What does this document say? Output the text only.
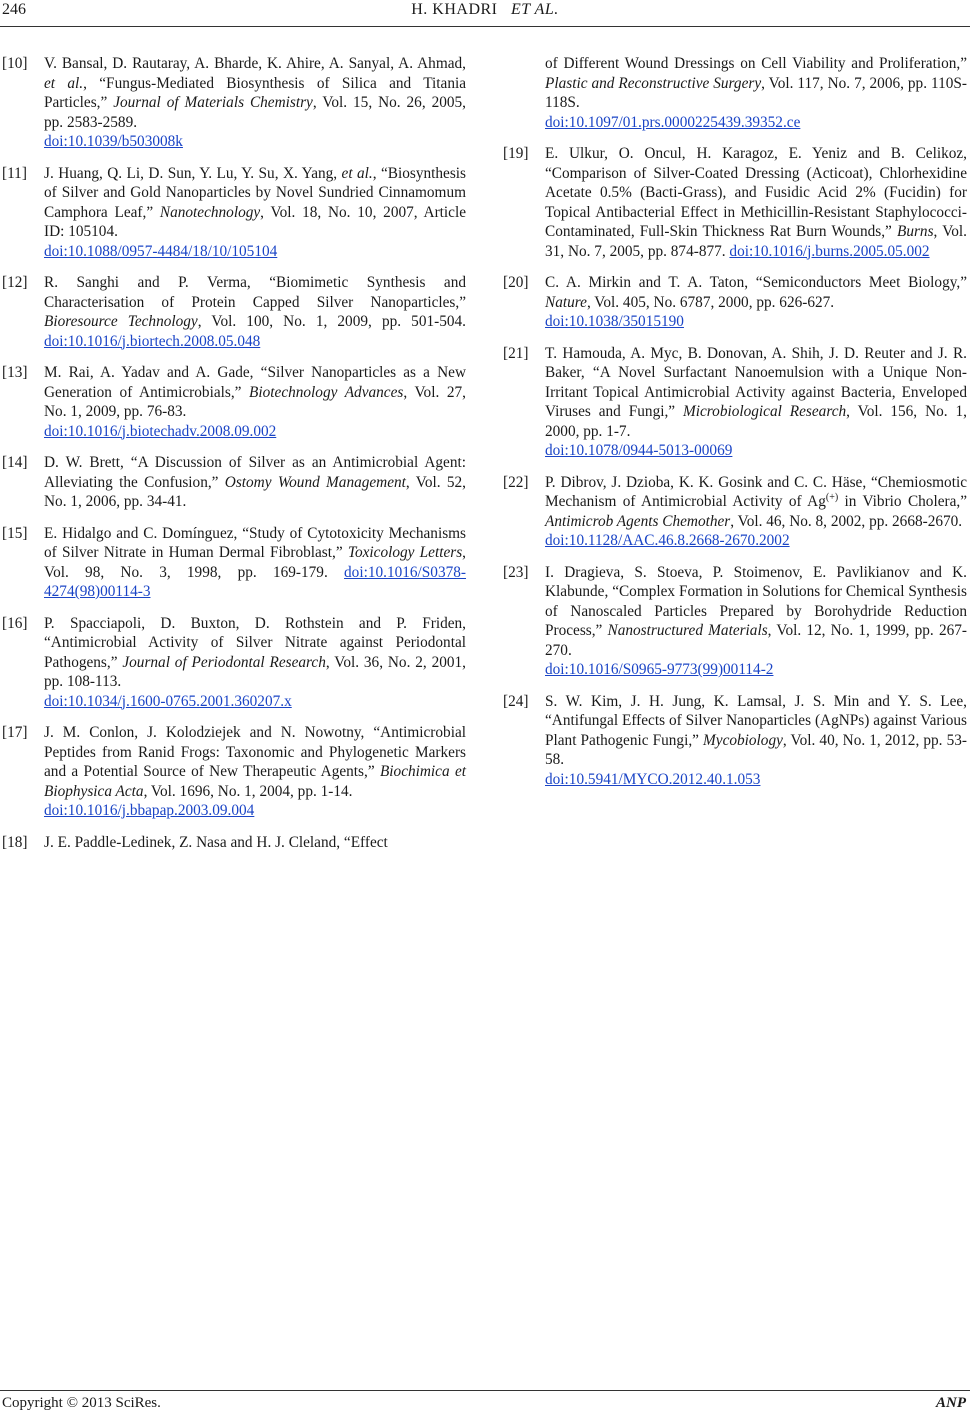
246	H. KHADRI ET AL.
[10]	V. Bansal, D. Rautaray, A. Bharde, K. Ahire, A. Sanyal, A. Ahmad, et al., “Fungus-Mediated Biosynthesis of Silica and Titania Particles,” Journal of Materials Chemistry, Vol. 15, No. 26, 2005, pp. 2583-2589.
doi:10.1039/b503008k
[11]	J. Huang, Q. Li, D. Sun, Y. Lu, Y. Su, X. Yang, et al., “Biosynthesis of Silver and Gold Nanoparticles by Novel Sundried Cinnamomum Camphora Leaf,” Nanotechnology, Vol. 18, No. 10, 2007, Article ID: 105104.
doi:10.1088/0957-4484/18/10/105104
[12]	R. Sanghi and P. Verma, “Biomimetic Synthesis and Characterisation of Protein Capped Silver Nanoparticles,” Bioresource Technology, Vol. 100, No. 1, 2009, pp. 501-504. doi:10.1016/j.biortech.2008.05.048
[13]	M. Rai, A. Yadav and A. Gade, “Silver Nanoparticles as a New Generation of Antimicrobials,” Biotechnology Advances, Vol. 27, No. 1, 2009, pp. 76-83.
doi:10.1016/j.biotechadv.2008.09.002
[14]	D. W. Brett, “A Discussion of Silver as an Antimicrobial Agent: Alleviating the Confusion,” Ostomy Wound Management, Vol. 52, No. 1, 2006, pp. 34-41.
[15]	E. Hidalgo and C. Domínguez, “Study of Cytotoxicity Mechanisms of Silver Nitrate in Human Dermal Fibroblast,” Toxicology Letters, Vol. 98, No. 3, 1998, pp. 169-179. doi:10.1016/S0378-4274(98)00114-3
[16]	P. Spacciapoli, D. Buxton, D. Rothstein and P. Friden, “Antimicrobial Activity of Silver Nitrate against Periodontal Pathogens,” Journal of Periodontal Research, Vol. 36, No. 2, 2001, pp. 108-113.
doi:10.1034/j.1600-0765.2001.360207.x
[17]	J. M. Conlon, J. Kolodziejek and N. Nowotny, “Antimicrobial Peptides from Ranid Frogs: Taxonomic and Phylogenetic Markers and a Potential Source of New Therapeutic Agents,” Biochimica et Biophysica Acta, Vol. 1696, No. 1, 2004, pp. 1-14.
doi:10.1016/j.bbapap.2003.09.004
[18]	J. E. Paddle-Ledinek, Z. Nasa and H. J. Cleland, “Effect
of Different Wound Dressings on Cell Viability and Proliferation,” Plastic and Reconstructive Surgery, Vol. 117, No. 7, 2006, pp. 110S-118S.
doi:10.1097/01.prs.0000225439.39352.ce
[19]	E. Ulkur, O. Oncul, H. Karagoz, E. Yeniz and B. Celikoz, “Comparison of Silver-Coated Dressing (Acticoat), Chlorhexidine Acetate 0.5% (Bacti-Grass), and Fusidic Acid 2% (Fucidin) for Topical Antibacterial Effect in Methicillin-Resistant Staphylococci-Contaminated, Full-Skin Thickness Rat Burn Wounds,” Burns, Vol. 31, No. 7, 2005, pp. 874-877. doi:10.1016/j.burns.2005.05.002
[20]	C. A. Mirkin and T. A. Taton, “Semiconductors Meet Biology,” Nature, Vol. 405, No. 6787, 2000, pp. 626-627.
doi:10.1038/35015190
[21]	T. Hamouda, A. Myc, B. Donovan, A. Shih, J. D. Reuter and J. R. Baker, “A Novel Surfactant Nanoemulsion with a Unique Non-Irritant Topical Antimicrobial Activity against Bacteria, Enveloped Viruses and Fungi,” Microbiological Research, Vol. 156, No. 1, 2000, pp. 1-7.
doi:10.1078/0944-5013-00069
[22]	P. Dibrov, J. Dzioba, K. K. Gosink and C. C. Häse, “Chemiosmotic Mechanism of Antimicrobial Activity of Ag(+) in Vibrio Cholera,” Antimicrob Agents Chemother, Vol. 46, No. 8, 2002, pp. 2668-2670.
doi:10.1128/AAC.46.8.2668-2670.2002
[23]	I. Dragieva, S. Stoeva, P. Stoimenov, E. Pavlikianov and K. Klabunde, “Complex Formation in Solutions for Chemical Synthesis of Nanoscaled Particles Prepared by Borohydride Reduction Process,” Nanostructured Materials, Vol. 12, No. 1, 1999, pp. 267-270.
doi:10.1016/S0965-9773(99)00114-2
[24]	S. W. Kim, J. H. Jung, K. Lamsal, J. S. Min and Y. S. Lee, “Antifungal Effects of Silver Nanoparticles (AgNPs) against Various Plant Pathogenic Fungi,” Mycobiology, Vol. 40, No. 1, 2012, pp. 53-58.
doi:10.5941/MYCO.2012.40.1.053
Copyright © 2013 SciRes.	ANP
